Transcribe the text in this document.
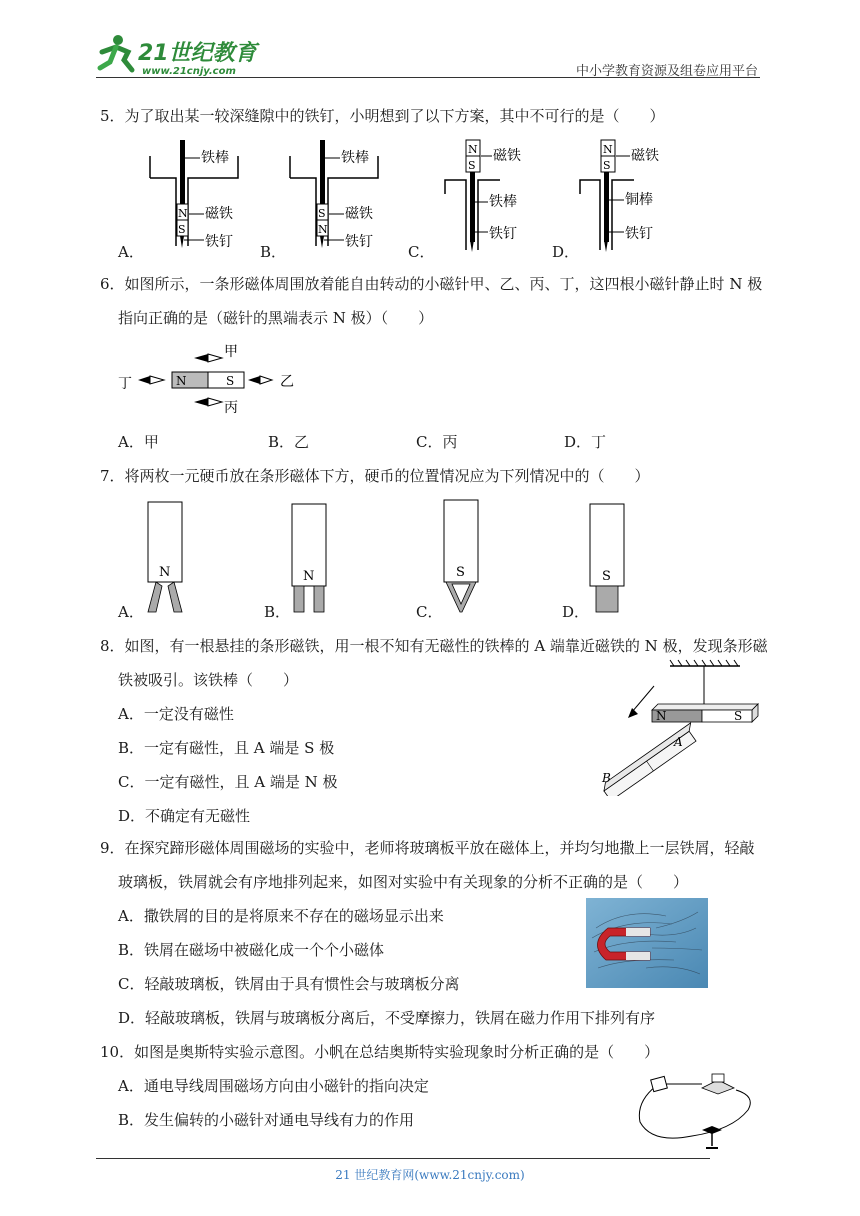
21世纪教育
www.21cnjy.com	中小学教育资源及组卷应用平台
5．为了取出某一较深缝隙中的铁钉，小明想到了以下方案，其中不可行的是（　　）
N
S
铁棒
磁铁
铁钉
S
N
铁棒
磁铁
铁钉
N
S
磁铁
铁棒
铁钉
N
S
磁铁
铜棒
铁钉
A．	B．	C．	D．
6．如图所示，一条形磁体周围放着能自由转动的小磁针甲、乙、丙、丁，这四根小磁针静止时 N 极
指向正确的是（磁针的黑端表示 N 极）（　　）
N	S
甲
乙
丙
丁
A．甲	B．乙	C．丙	D．丁
7．将两枚一元硬币放在条形磁体下方，硬币的位置情况应为下列情况中的（　　）
N	N	S	S
A．	B．	C．	D．
8．如图，有一根悬挂的条形磁铁，用一根不知有无磁性的铁棒的 A 端靠近磁铁的 N 极，发现条形磁
铁被吸引。该铁棒（　　）
A．一定没有磁性
B．一定有磁性，且 A 端是 S 极
C．一定有磁性，且 A 端是 N 极
D．不确定有无磁性
N	S
A
B
9．在探究蹄形磁体周围磁场的实验中，老师将玻璃板平放在磁体上，并均匀地撒上一层铁屑，轻敲
玻璃板，铁屑就会有序地排列起来，如图对实验中有关现象的分析不正确的是（　　）
A．撒铁屑的目的是将原来不存在的磁场显示出来
B．铁屑在磁场中被磁化成一个个小磁体
C．轻敲玻璃板，铁屑由于具有惯性会与玻璃板分离
D．轻敲玻璃板，铁屑与玻璃板分离后，不受摩擦力，铁屑在磁力作用下排列有序
10．如图是奥斯特实验示意图。小帆在总结奥斯特实验现象时分析正确的是（　　）
A．通电导线周围磁场方向由小磁针的指向决定
B．发生偏转的小磁针对通电导线有力的作用
21 世纪教育网(www.21cnjy.com)
